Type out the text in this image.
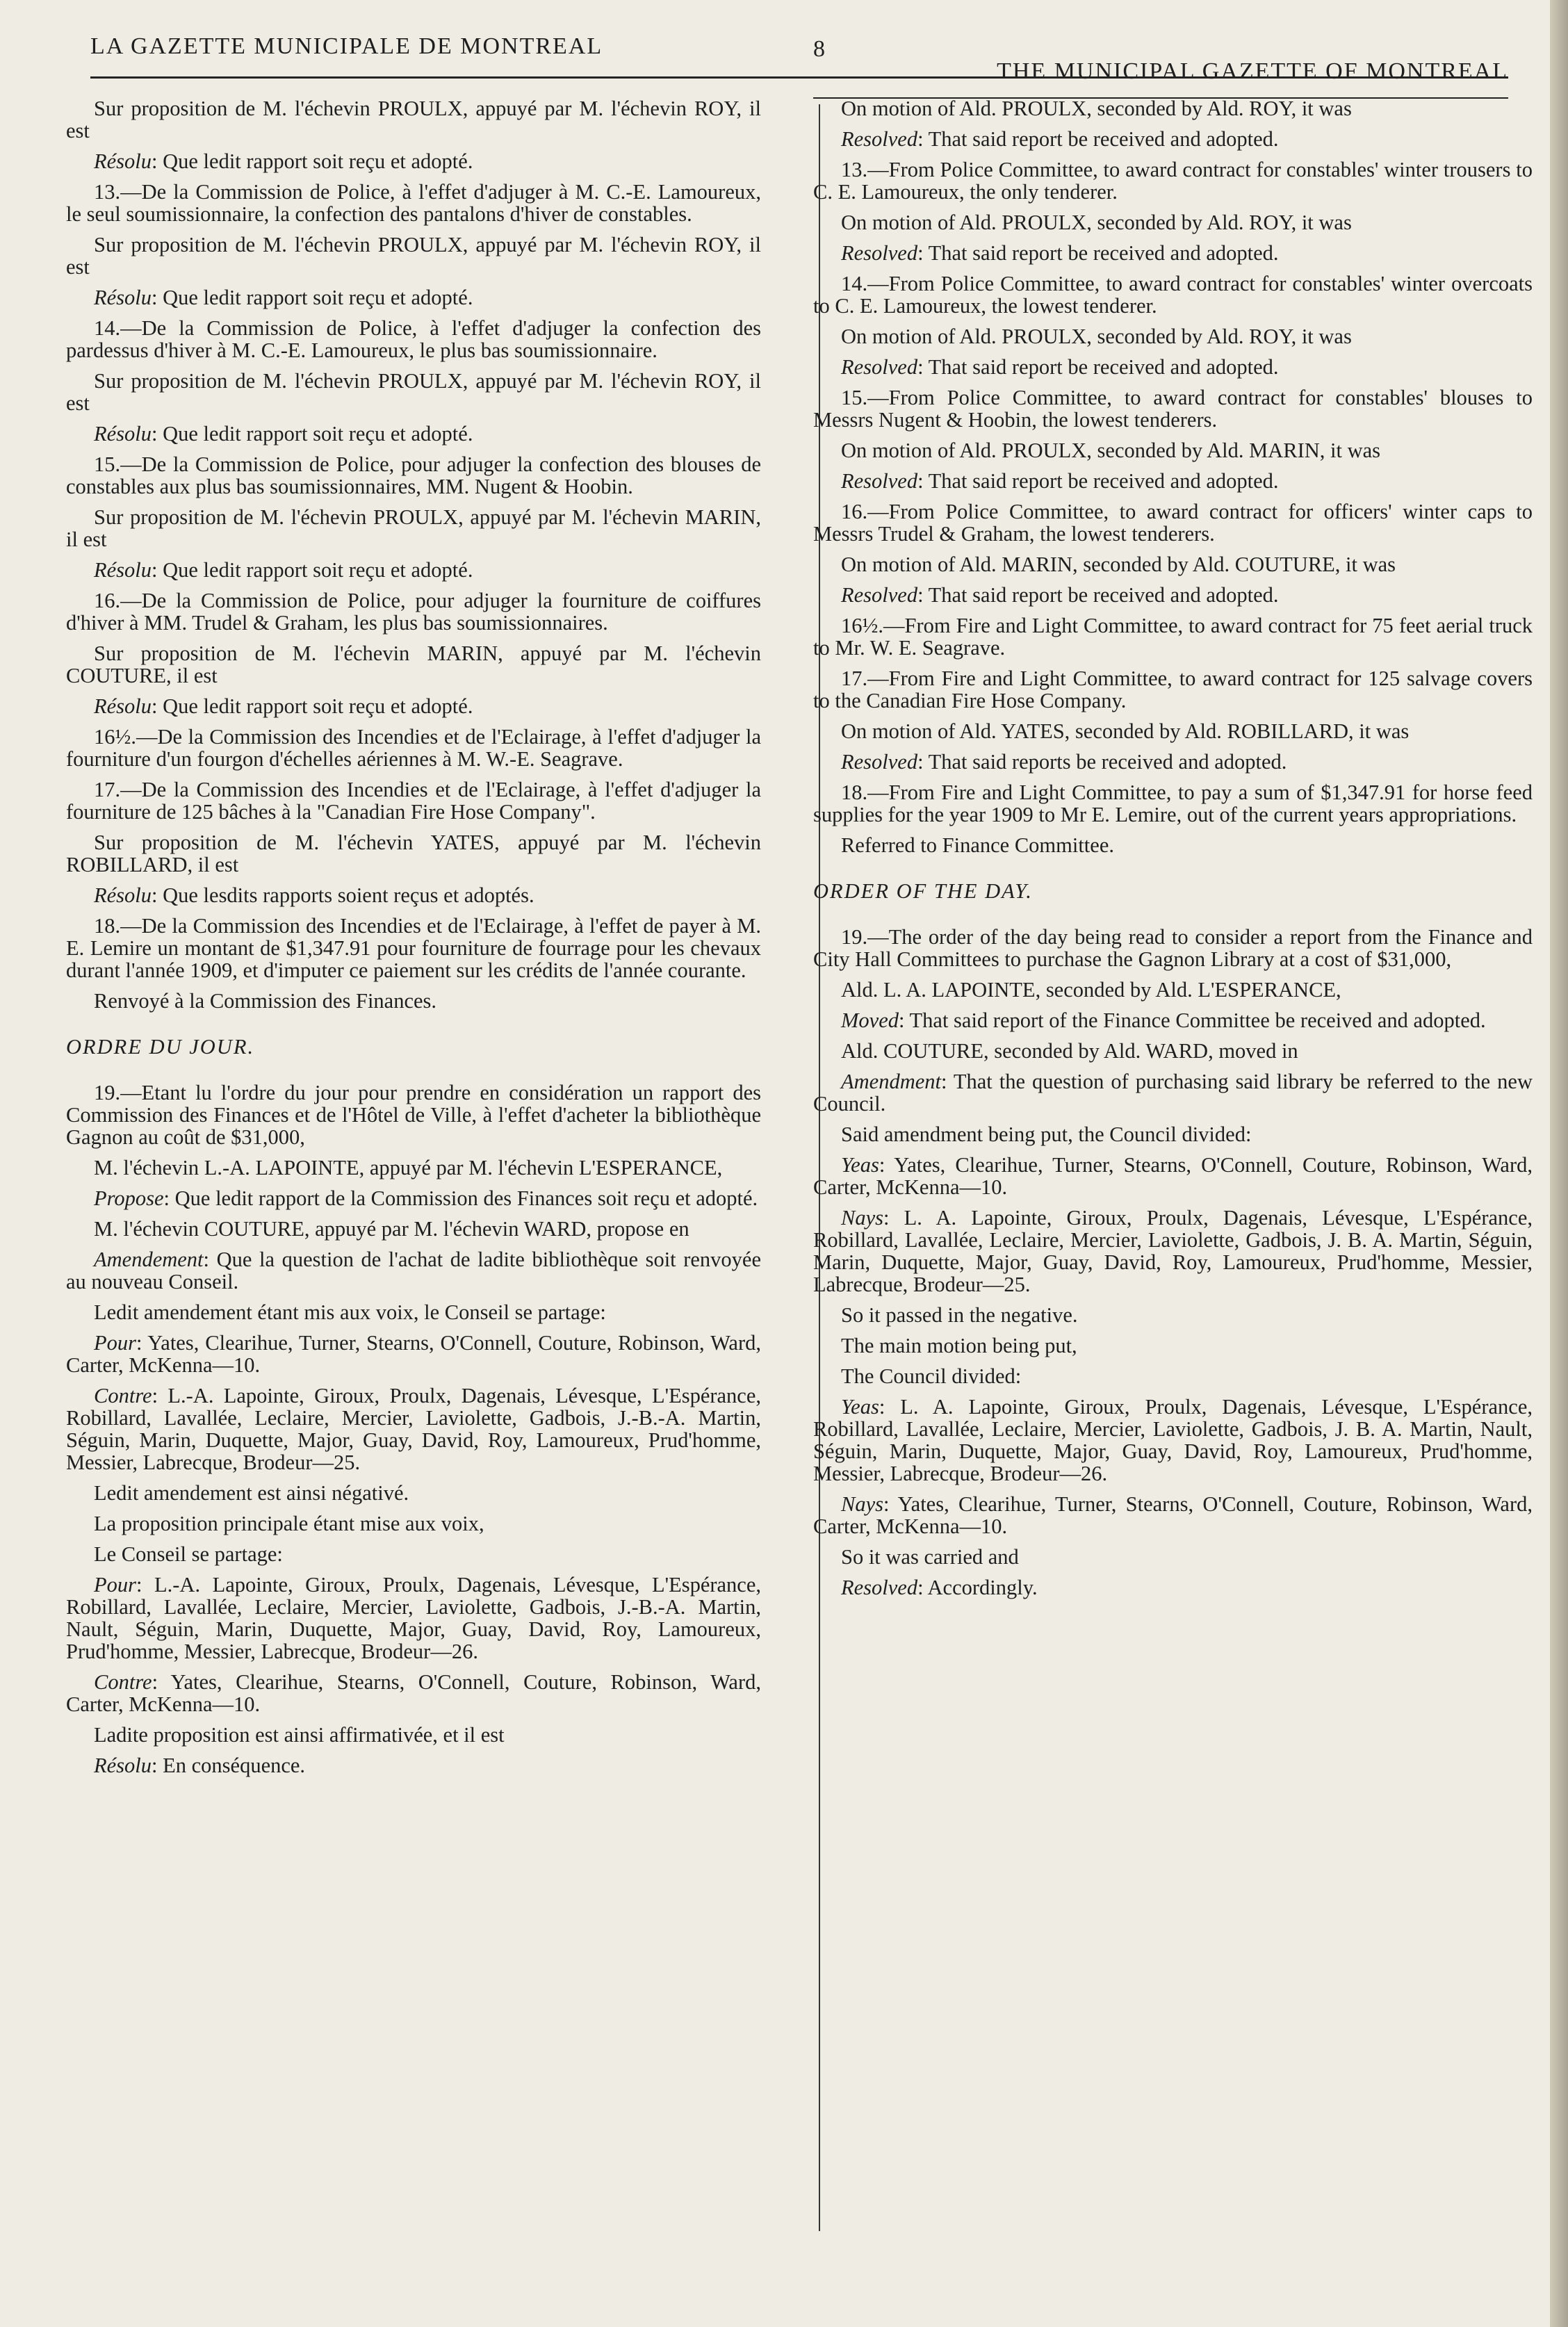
LA GAZETTE MUNICIPALE DE MONTREAL	8
THE MUNICIPAL GAZETTE OF MONTREAL

Sur proposition de M. l'échevin PROULX, appuyé par M. l'échevin ROY, il est

Résolu: Que ledit rapport soit reçu et adopté.

13.—De la Commission de Police, à l'effet d'adjuger à M. C.-E. Lamoureux, le seul soumissionnaire, la confection des pantalons d'hiver de constables.

Sur proposition de M. l'échevin PROULX, appuyé par M. l'échevin ROY, il est

Résolu: Que ledit rapport soit reçu et adopté.

14.—De la Commission de Police, à l'effet d'adjuger la confection des pardessus d'hiver à M. C.-E. Lamoureux, le plus bas soumissionnaire.

Sur proposition de M. l'échevin PROULX, appuyé par M. l'échevin ROY, il est

Résolu: Que ledit rapport soit reçu et adopté.

15.—De la Commission de Police, pour adjuger la confection des blouses de constables aux plus bas soumissionnaires, MM. Nugent & Hoobin.

Sur proposition de M. l'échevin PROULX, appuyé par M. l'échevin MARIN, il est

Résolu: Que ledit rapport soit reçu et adopté.

16.—De la Commission de Police, pour adjuger la fourniture de coiffures d'hiver à MM. Trudel & Graham, les plus bas soumissionnaires.

Sur proposition de M. l'échevin MARIN, appuyé par M. l'échevin COUTURE, il est

Résolu: Que ledit rapport soit reçu et adopté.

16½.—De la Commission des Incendies et de l'Eclairage, à l'effet d'adjuger la fourniture d'un fourgon d'échelles aériennes à M. W.-E. Seagrave.

17.—De la Commission des Incendies et de l'Eclairage, à l'effet d'adjuger la fourniture de 125 bâches à la "Canadian Fire Hose Company".

Sur proposition de M. l'échevin YATES, appuyé par M. l'échevin ROBILLARD, il est

Résolu: Que lesdits rapports soient reçus et adoptés.

18.—De la Commission des Incendies et de l'Eclairage, à l'effet de payer à M. E. Lemire un montant de $1,347.91 pour fourniture de fourrage pour les chevaux durant l'année 1909, et d'imputer ce paiement sur les crédits de l'année courante.

Renvoyé à la Commission des Finances.

ORDRE DU JOUR.

19.—Etant lu l'ordre du jour pour prendre en considération un rapport des Commission des Finances et de l'Hôtel de Ville, à l'effet d'acheter la bibliothèque Gagnon au coût de $31,000,

M. l'échevin L.-A. LAPOINTE, appuyé par M. l'échevin L'ESPERANCE,

Propose: Que ledit rapport de la Commission des Finances soit reçu et adopté.

M. l'échevin COUTURE, appuyé par M. l'échevin WARD, propose en

Amendement: Que la question de l'achat de ladite bibliothèque soit renvoyée au nouveau Conseil.

Ledit amendement étant mis aux voix, le Conseil se partage:

Pour: Yates, Clearihue, Turner, Stearns, O'Connell, Couture, Robinson, Ward, Carter, McKenna—10.

Contre: L.-A. Lapointe, Giroux, Proulx, Dagenais, Lévesque, L'Espérance, Robillard, Lavallée, Leclaire, Mercier, Laviolette, Gadbois, J.-B.-A. Martin, Séguin, Marin, Duquette, Major, Guay, David, Roy, Lamoureux, Prud'homme, Messier, Labrecque, Brodeur—25.

Ledit amendement est ainsi négativé.

La proposition principale étant mise aux voix,

Le Conseil se partage:

Pour: L.-A. Lapointe, Giroux, Proulx, Dagenais, Lévesque, L'Espérance, Robillard, Lavallée, Leclaire, Mercier, Laviolette, Gadbois, J.-B.-A. Martin, Nault, Séguin, Marin, Duquette, Major, Guay, David, Roy, Lamoureux, Prud'homme, Messier, Labrecque, Brodeur—26.

Contre: Yates, Clearihue, Stearns, O'Connell, Couture, Robinson, Ward, Carter, McKenna—10.

Ladite proposition est ainsi affirmativée, et il est

Résolu: En conséquence.

On motion of Ald. PROULX, seconded by Ald. ROY, it was

Resolved: That said report be received and adopted.

13.—From Police Committee, to award contract for constables' winter trousers to C. E. Lamoureux, the only tenderer.

On motion of Ald. PROULX, seconded by Ald. ROY, it was

Resolved: That said report be received and adopted.

14.—From Police Committee, to award contract for constables' winter overcoats to C. E. Lamoureux, the lowest tenderer.

On motion of Ald. PROULX, seconded by Ald. ROY, it was

Resolved: That said report be received and adopted.

15.—From Police Committee, to award contract for constables' blouses to Messrs Nugent & Hoobin, the lowest tenderers.

On motion of Ald. PROULX, seconded by Ald. MARIN, it was

Resolved: That said report be received and adopted.

16.—From Police Committee, to award contract for officers' winter caps to Messrs Trudel & Graham, the lowest tenderers.

On motion of Ald. MARIN, seconded by Ald. COUTURE, it was

Resolved: That said report be received and adopted.

16½.—From Fire and Light Committee, to award contract for 75 feet aerial truck to Mr. W. E. Seagrave.

17.—From Fire and Light Committee, to award contract for 125 salvage covers to the Canadian Fire Hose Company.

On motion of Ald. YATES, seconded by Ald. ROBILLARD, it was

Resolved: That said reports be received and adopted.

18.—From Fire and Light Committee, to pay a sum of $1,347.91 for horse feed supplies for the year 1909 to Mr E. Lemire, out of the current years appropriations.

Referred to Finance Committee.

ORDER OF THE DAY.

19.—The order of the day being read to consider a report from the Finance and City Hall Committees to purchase the Gagnon Library at a cost of $31,000,

Ald. L. A. LAPOINTE, seconded by Ald. L'ESPERANCE,

Moved: That said report of the Finance Committee be received and adopted.

Ald. COUTURE, seconded by Ald. WARD, moved in

Amendment: That the question of purchasing said library be referred to the new Council.

Said amendment being put, the Council divided:

Yeas: Yates, Clearihue, Turner, Stearns, O'Connell, Couture, Robinson, Ward, Carter, McKenna—10.

Nays: L. A. Lapointe, Giroux, Proulx, Dagenais, Lévesque, L'Espérance, Robillard, Lavallée, Leclaire, Mercier, Laviolette, Gadbois, J. B. A. Martin, Séguin, Marin, Duquette, Major, Guay, David, Roy, Lamoureux, Prud'homme, Messier, Labrecque, Brodeur—25.

So it passed in the negative.

The main motion being put,

The Council divided:

Yeas: L. A. Lapointe, Giroux, Proulx, Dagenais, Lévesque, L'Espérance, Robillard, Lavallée, Leclaire, Mercier, Laviolette, Gadbois, J. B. A. Martin, Nault, Séguin, Marin, Duquette, Major, Guay, David, Roy, Lamoureux, Prud'homme, Messier, Labrecque, Brodeur—26.

Nays: Yates, Clearihue, Turner, Stearns, O'Connell, Couture, Robinson, Ward, Carter, McKenna—10.

So it was carried and

Resolved: Accordingly.
